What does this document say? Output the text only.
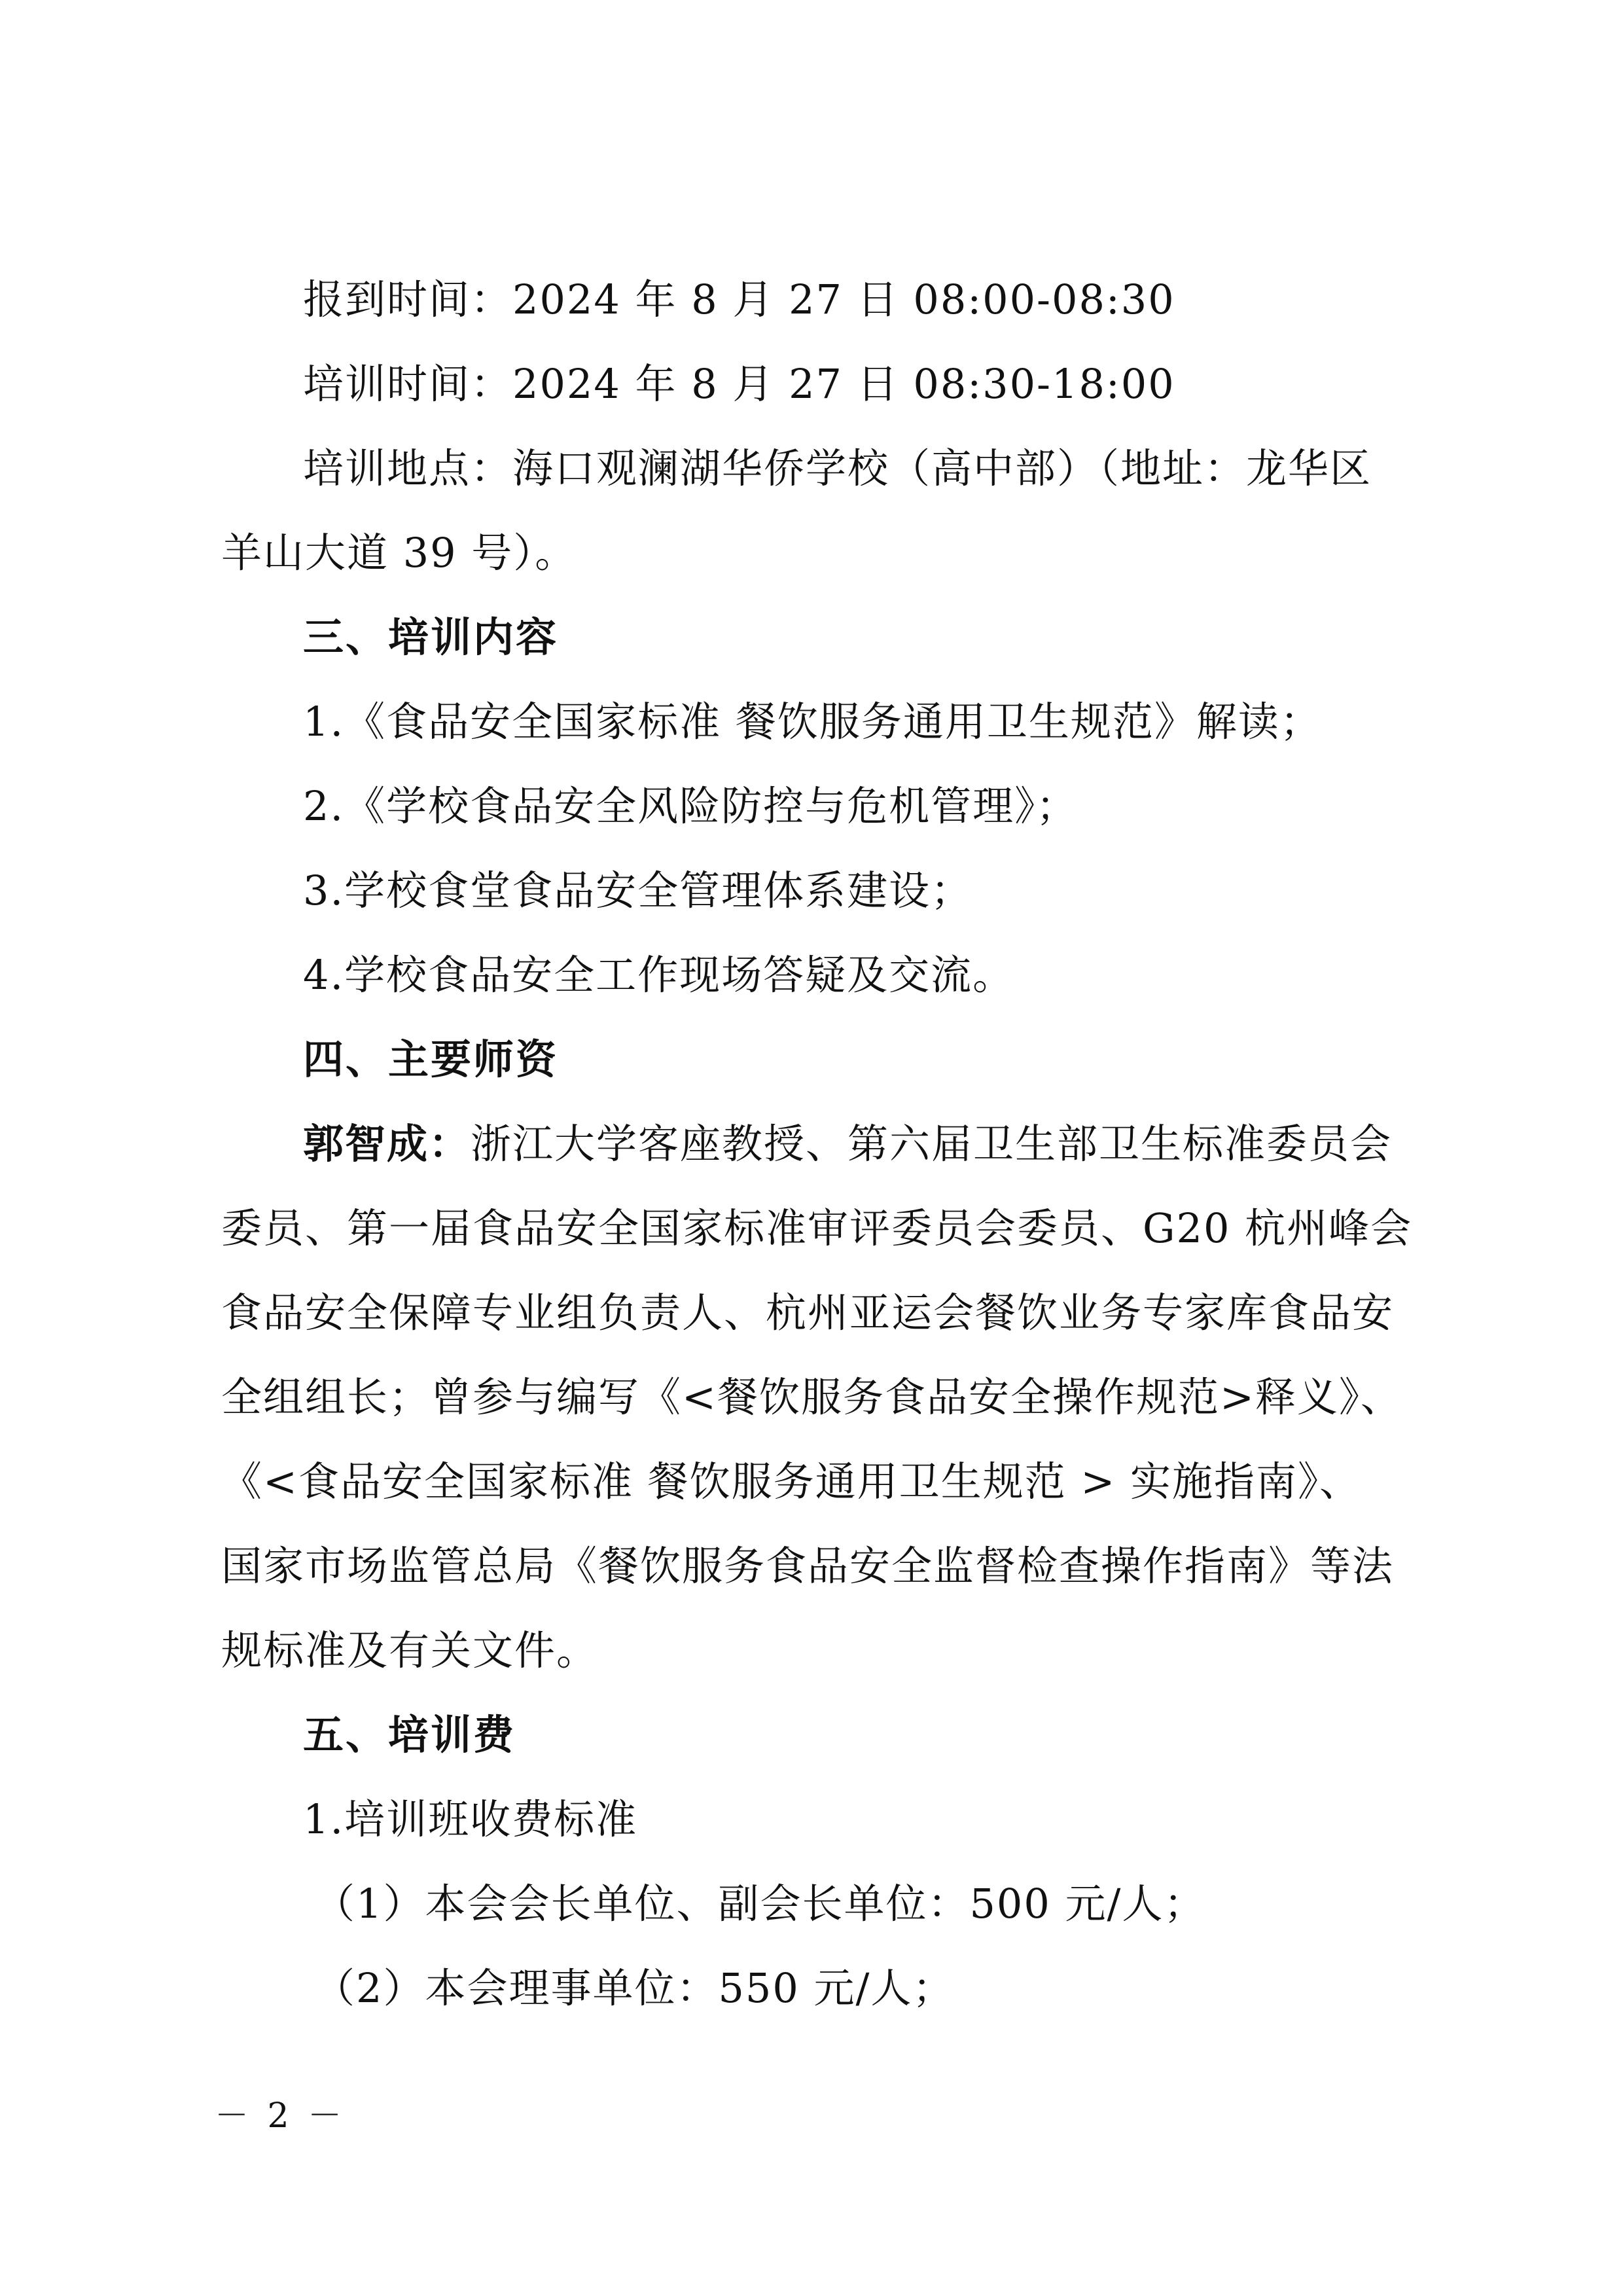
报到时间：2024 年 8 月 27 日 08:00-08:30
培训时间：2024 年 8 月 27 日 08:30-18:00
培训地点：海口观澜湖华侨学校（高中部）（地址：龙华区
羊山大道 39 号）。
三、培训内容
1.《食品安全国家标准 餐饮服务通用卫生规范》解读；
2.《学校食品安全风险防控与危机管理》；
3.学校食堂食品安全管理体系建设；
4.学校食品安全工作现场答疑及交流。
四、主要师资
郭智成：浙江大学客座教授、第六届卫生部卫生标准委员会
委员、第一届食品安全国家标准审评委员会委员、G20 杭州峰会
食品安全保障专业组负责人、杭州亚运会餐饮业务专家库食品安
全组组长；曾参与编写《<餐饮服务食品安全操作规范>释义》、
《<食品安全国家标准 餐饮服务通用卫生规范 > 实施指南》、
国家市场监管总局《餐饮服务食品安全监督检查操作指南》等法
规标准及有关文件。
五、培训费
1.培训班收费标准
（1）本会会长单位、副会长单位：500 元/人；
（2）本会理事单位：550 元/人；
－ 2 －
